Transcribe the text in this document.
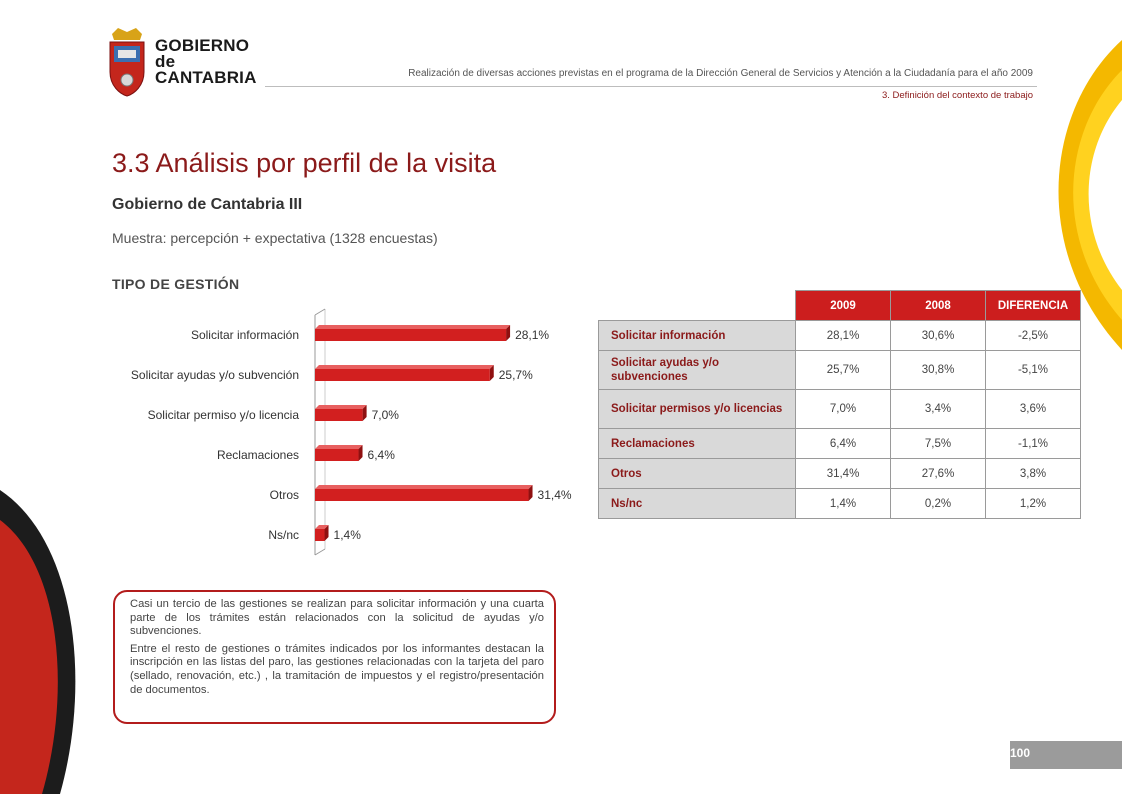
GOBIERNO
de
CANTABRIA	Realización de diversas acciones previstas en el programa de la Dirección General de Servicios y Atención a la Ciudadanía para el año 2009
3. Definición del contexto de trabajo
3.3 Análisis por perfil de la visita
Gobierno de Cantabria III
Muestra: percepción + expectativa (1328 encuestas)
TIPO DE GESTIÓN
Solicitar información	28,1%
Solicitar ayudas y/o subvención	25,7%
Solicitar permiso y/o licencia	7,0%
Reclamaciones	6,4%
Otros	31,4%
Ns/nc	1,4%
	2009	2008	DIFERENCIA
Solicitar información	28,1%	30,6%	-2,5%
Solicitar ayudas y/o subvenciones	25,7%	30,8%	-5,1%
Solicitar permisos y/o licencias	7,0%	3,4%	3,6%
Reclamaciones	6,4%	7,5%	-1,1%
Otros	31,4%	27,6%	3,8%
Ns/nc	1,4%	0,2%	1,2%

Casi un tercio de las gestiones se realizan para solicitar información y una cuarta parte de los trámites están relacionados con la solicitud de ayudas y/o subvenciones.

Entre el resto de gestiones o trámites indicados por los informantes destacan la inscripción en las listas del paro, las gestiones relacionadas con la tarjeta del paro (sellado, renovación, etc.) , la tramitación de impuestos y el registro/presentación de documentos.

100
